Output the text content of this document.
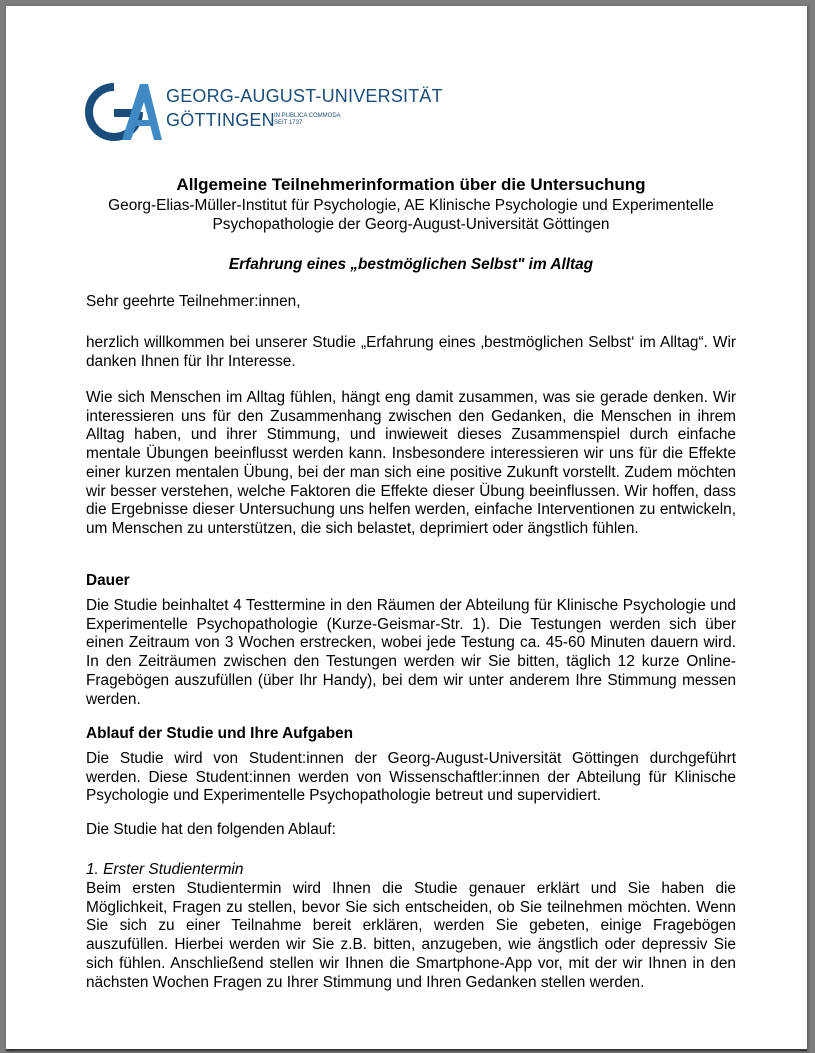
GEORG-AUGUST-UNIVERSITÄT
GÖTTINGEN IN PUBLICA COMMODA
SEIT 1737
Allgemeine Teilnehmerinformation über die Untersuchung
Georg-Elias-Müller-Institut für Psychologie, AE Klinische Psychologie und Experimentelle
Psychopathologie der Georg-August-Universität Göttingen
Erfahrung eines „bestmöglichen Selbst" im Alltag
Sehr geehrte Teilnehmer:innen,
herzlich willkommen bei unserer Studie „Erfahrung eines ‚bestmöglichen Selbst‘ im Alltag“. Wir danken Ihnen für Ihr Interesse.
Wie sich Menschen im Alltag fühlen, hängt eng damit zusammen, was sie gerade denken. Wir interessieren uns für den Zusammenhang zwischen den Gedanken, die Menschen in ihrem Alltag haben, und ihrer Stimmung, und inwieweit dieses Zusammenspiel durch einfache mentale Übungen beeinflusst werden kann. Insbesondere interessieren wir uns für die Effekte einer kurzen mentalen Übung, bei der man sich eine positive Zukunft vorstellt. Zudem möchten wir besser verstehen, welche Faktoren die Effekte dieser Übung beeinflussen. Wir hoffen, dass die Ergebnisse dieser Untersuchung uns helfen werden, einfache Interventionen zu entwickeln, um Menschen zu unterstützen, die sich belastet, deprimiert oder ängstlich fühlen.
Dauer
Die Studie beinhaltet 4 Testtermine in den Räumen der Abteilung für Klinische Psychologie und Experimentelle Psychopathologie (Kurze-Geismar-Str. 1). Die Testungen werden sich über einen Zeitraum von 3 Wochen erstrecken, wobei jede Testung ca. 45-60 Minuten dauern wird. In den Zeiträumen zwischen den Testungen werden wir Sie bitten, täglich 12 kurze Online-Fragebögen auszufüllen (über Ihr Handy), bei dem wir unter anderem Ihre Stimmung messen werden.
Ablauf der Studie und Ihre Aufgaben
Die Studie wird von Student:innen der Georg-August-Universität Göttingen durchgeführt werden. Diese Student:innen werden von Wissenschaftler:innen der Abteilung für Klinische Psychologie und Experimentelle Psychopathologie betreut und supervidiert.
Die Studie hat den folgenden Ablauf:
1. Erster Studientermin
Beim ersten Studientermin wird Ihnen die Studie genauer erklärt und Sie haben die Möglichkeit, Fragen zu stellen, bevor Sie sich entscheiden, ob Sie teilnehmen möchten. Wenn Sie sich zu einer Teilnahme bereit erklären, werden Sie gebeten, einige Fragebögen auszufüllen. Hierbei werden wir Sie z.B. bitten, anzugeben, wie ängstlich oder depressiv Sie sich fühlen. Anschließend stellen wir Ihnen die Smartphone-App vor, mit der wir Ihnen in den nächsten Wochen Fragen zu Ihrer Stimmung und Ihren Gedanken stellen werden.
